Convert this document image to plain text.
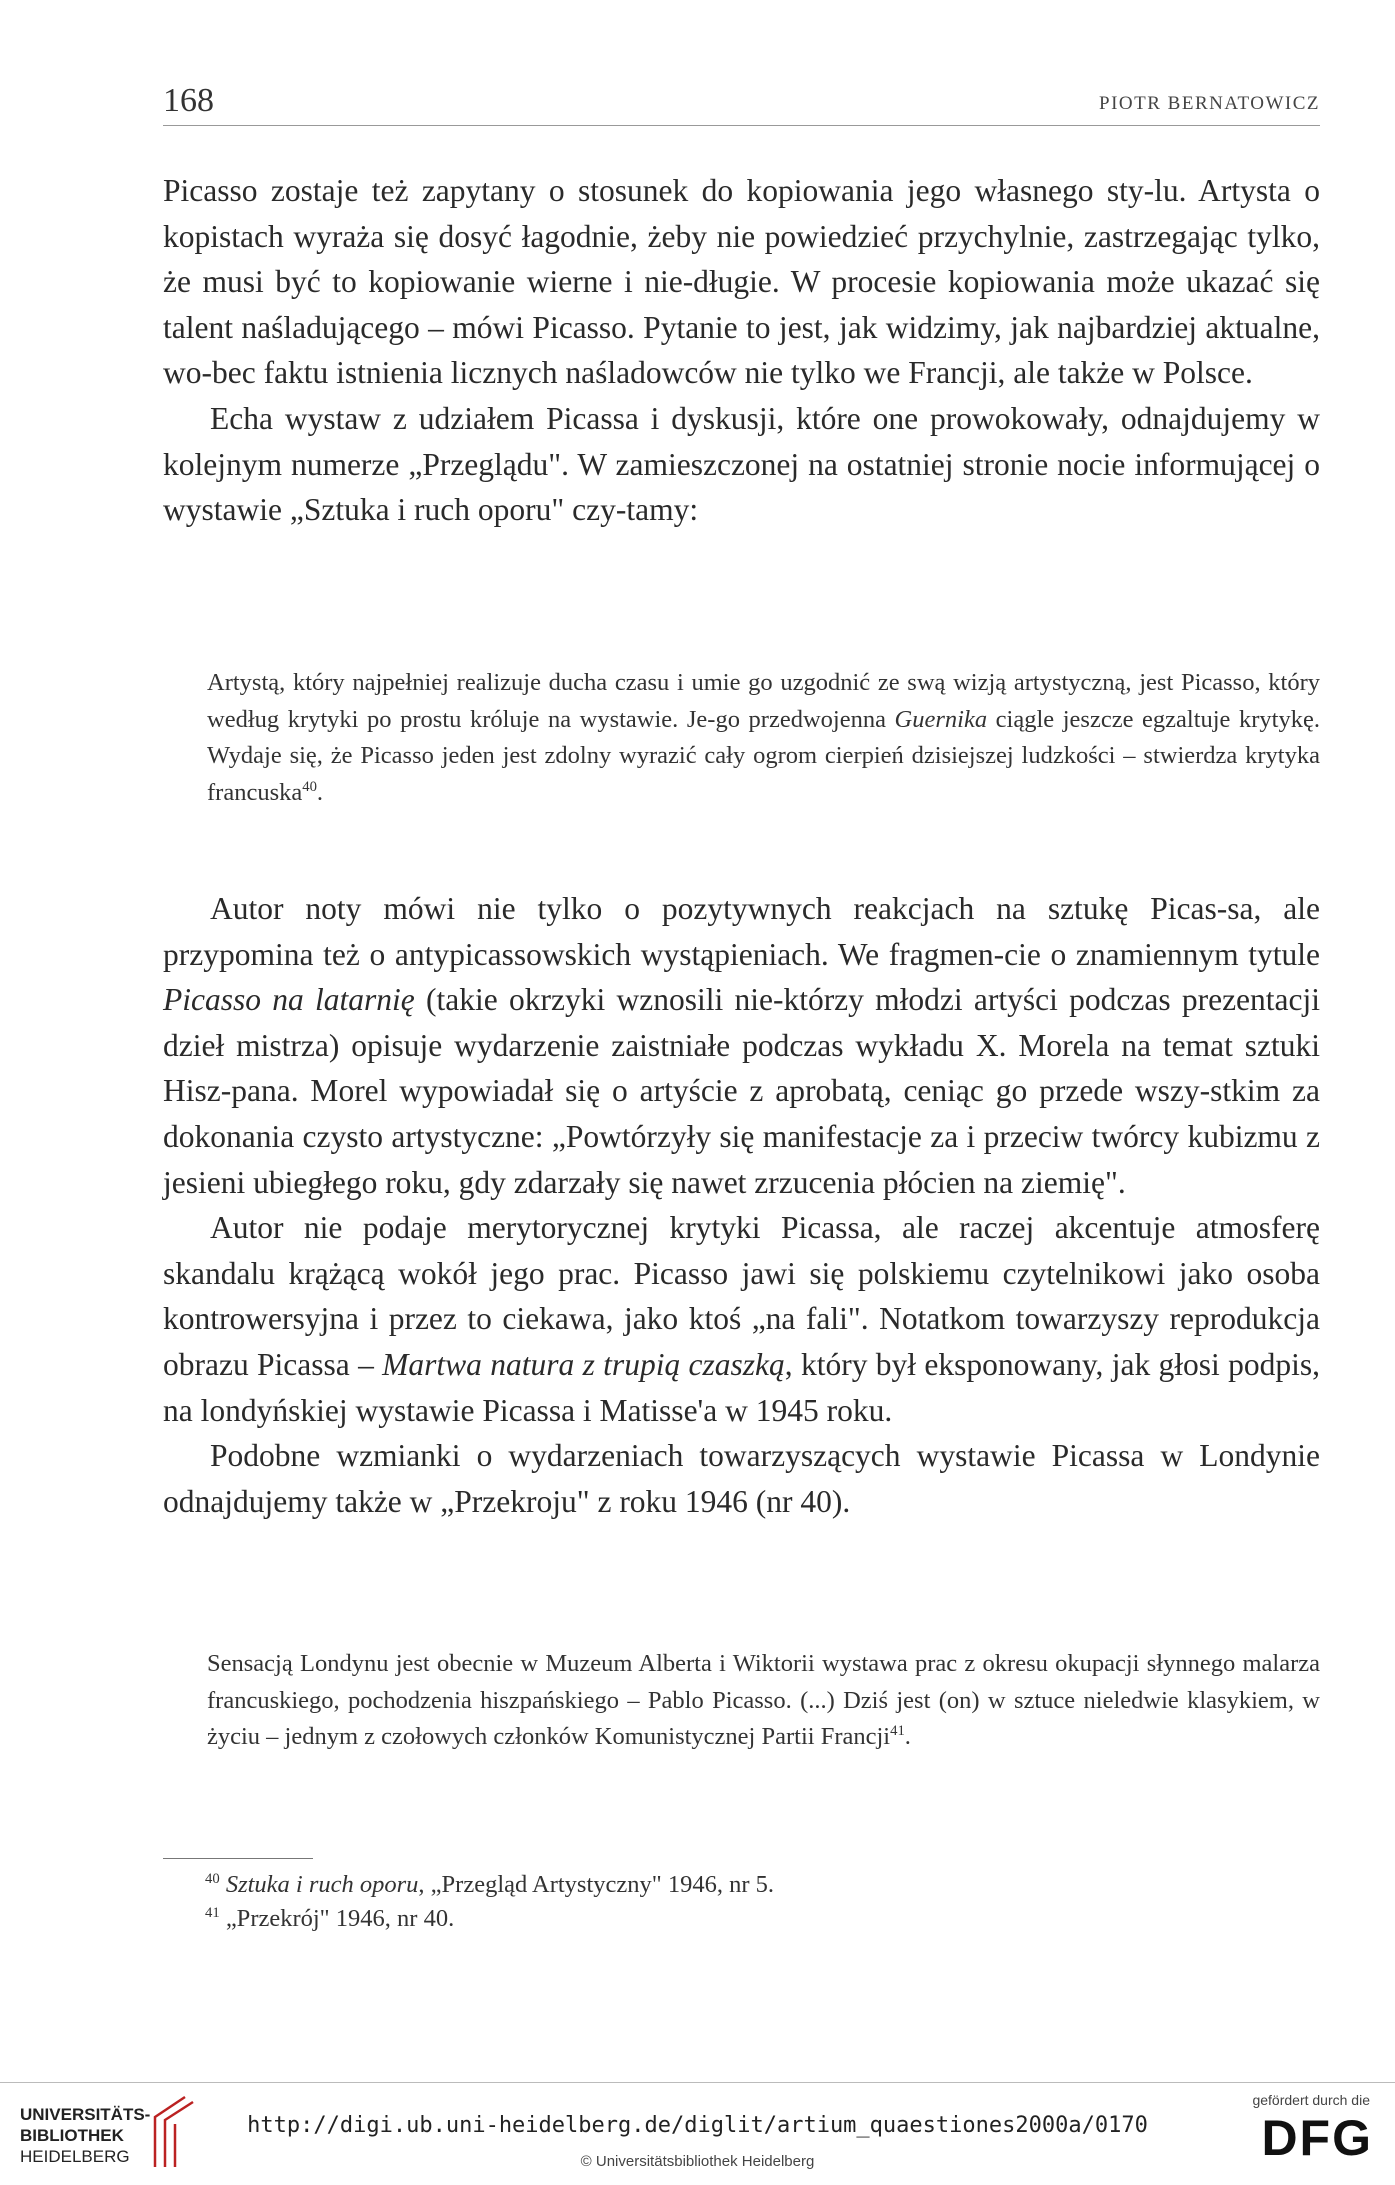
168	PIOTR BERNATOWICZ

Picasso zostaje też zapytany o stosunek do kopiowania jego własnego sty-lu. Artysta o kopistach wyraża się dosyć łagodnie, żeby nie powiedzieć przychylnie, zastrzegając tylko, że musi być to kopiowanie wierne i nie-długie. W procesie kopiowania może ukazać się talent naśladującego – mówi Picasso. Pytanie to jest, jak widzimy, jak najbardziej aktualne, wo-bec faktu istnienia licznych naśladowców nie tylko we Francji, ale także w Polsce.

Echa wystaw z udziałem Picassa i dyskusji, które one prowokowały, odnajdujemy w kolejnym numerze „Przeglądu". W zamieszczonej na ostatniej stronie nocie informującej o wystawie „Sztuka i ruch oporu" czy-tamy:

Artystą, który najpełniej realizuje ducha czasu i umie go uzgodnić ze swą wizją artystyczną, jest Picasso, który według krytyki po prostu króluje na wystawie. Je-go przedwojenna Guernika ciągle jeszcze egzaltuje krytykę. Wydaje się, że Picasso jeden jest zdolny wyrazić cały ogrom cierpień dzisiejszej ludzkości – stwierdza krytyka francuska$^{40}$.

Autor noty mówi nie tylko o pozytywnych reakcjach na sztukę Picas-sa, ale przypomina też o antypicassowskich wystąpieniach. We fragmen-cie o znamiennym tytule Picasso na latarnię (takie okrzyki wznosili nie-którzy młodzi artyści podczas prezentacji dzieł mistrza) opisuje wydarzenie zaistniałe podczas wykładu X. Morela na temat sztuki Hisz-pana. Morel wypowiadał się o artyście z aprobatą, ceniąc go przede wszy-stkim za dokonania czysto artystyczne: „Powtórzyły się manifestacje za i przeciw twórcy kubizmu z jesieni ubiegłego roku, gdy zdarzały się nawet zrzucenia płócien na ziemię".

Autor nie podaje merytorycznej krytyki Picassa, ale raczej akcentuje atmosferę skandalu krążącą wokół jego prac. Picasso jawi się polskiemu czytelnikowi jako osoba kontrowersyjna i przez to ciekawa, jako ktoś „na fali". Notatkom towarzyszy reprodukcja obrazu Picassa – Martwa natura z trupią czaszką, który był eksponowany, jak głosi podpis, na londyńskiej wystawie Picassa i Matisse'a w 1945 roku.

Podobne wzmianki o wydarzeniach towarzyszących wystawie Picassa w Londynie odnajdujemy także w „Przekroju" z roku 1946 (nr 40).

Sensacją Londynu jest obecnie w Muzeum Alberta i Wiktorii wystawa prac z okresu okupacji słynnego malarza francuskiego, pochodzenia hiszpańskiego – Pablo Picasso. (...) Dziś jest (on) w sztuce nieledwie klasykiem, w życiu – jednym z czołowych członków Komunistycznej Partii Francji$^{41}$.

$^{40}$ Sztuka i ruch oporu, „Przegląd Artystyczny" 1946, nr 5.

$^{41}$ „Przekrój" 1946, nr 40.

UNIVERSITÄTS-
BIBLIOTHEK
HEIDELBERG
http://digi.ub.uni-heidelberg.de/diglit/artium_quaestiones2000a/0170
© Universitätsbibliothek Heidelberg
gefördert durch die
DFG
